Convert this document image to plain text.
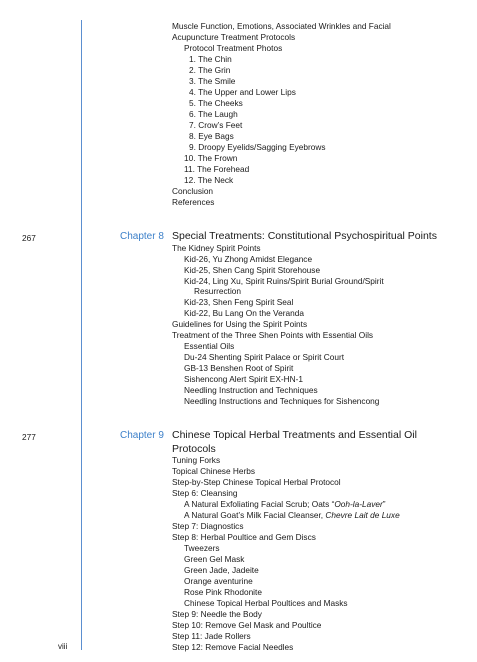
Muscle Function, Emotions, Associated Wrinkles and Facial
Acupuncture Treatment Protocols
Protocol Treatment Photos
1. The Chin
2. The Grin
3. The Smile
4. The Upper and Lower Lips
5. The Cheeks
6. The Laugh
7. Crow’s Feet
8. Eye Bags
9. Droopy Eyelids/Sagging Eyebrows
10. The Frown
11. The Forehead
12. The Neck
Conclusion
References
267	Chapter 8 Special Treatments: Constitutional Psychospiritual Points
The Kidney Spirit Points
Kid-26, Yu Zhong Amidst Elegance
Kid-25, Shen Cang Spirit Storehouse
Kid-24, Ling Xu, Spirit Ruins/Spirit Burial Ground/Spirit
Resurrection
Kid-23, Shen Feng Spirit Seal
Kid-22, Bu Lang On the Veranda
Guidelines for Using the Spirit Points
Treatment of the Three Shen Points with Essential Oils
Essential Oils
Du-24 Shenting Spirit Palace or Spirit Court
GB-13 Benshen Root of Spirit
Sishencong Alert Spirit EX-HN-1
Needling Instruction and Techniques
Needling Instructions and Techniques for Sishencong
277	Chapter 9 Chinese Topical Herbal Treatments and Essential Oil
Protocols
Tuning Forks
Topical Chinese Herbs
Step-by-Step Chinese Topical Herbal Protocol
Step 6: Cleansing
A Natural Exfoliating Facial Scrub; Oats “Ooh-la-Laver”
A Natural Goat’s Milk Facial Cleanser, Chevre Lait de Luxe
Step 7: Diagnostics
Step 8: Herbal Poultice and Gem Discs
Tweezers
Green Gel Mask
Green Jade, Jadeite
Orange aventurine
Rose Pink Rhodonite
Chinese Topical Herbal Poultices and Masks
Step 9: Needle the Body
Step 10: Remove Gel Mask and Poultice
Step 11: Jade Rollers
Step 12: Remove Facial Needles
viii
